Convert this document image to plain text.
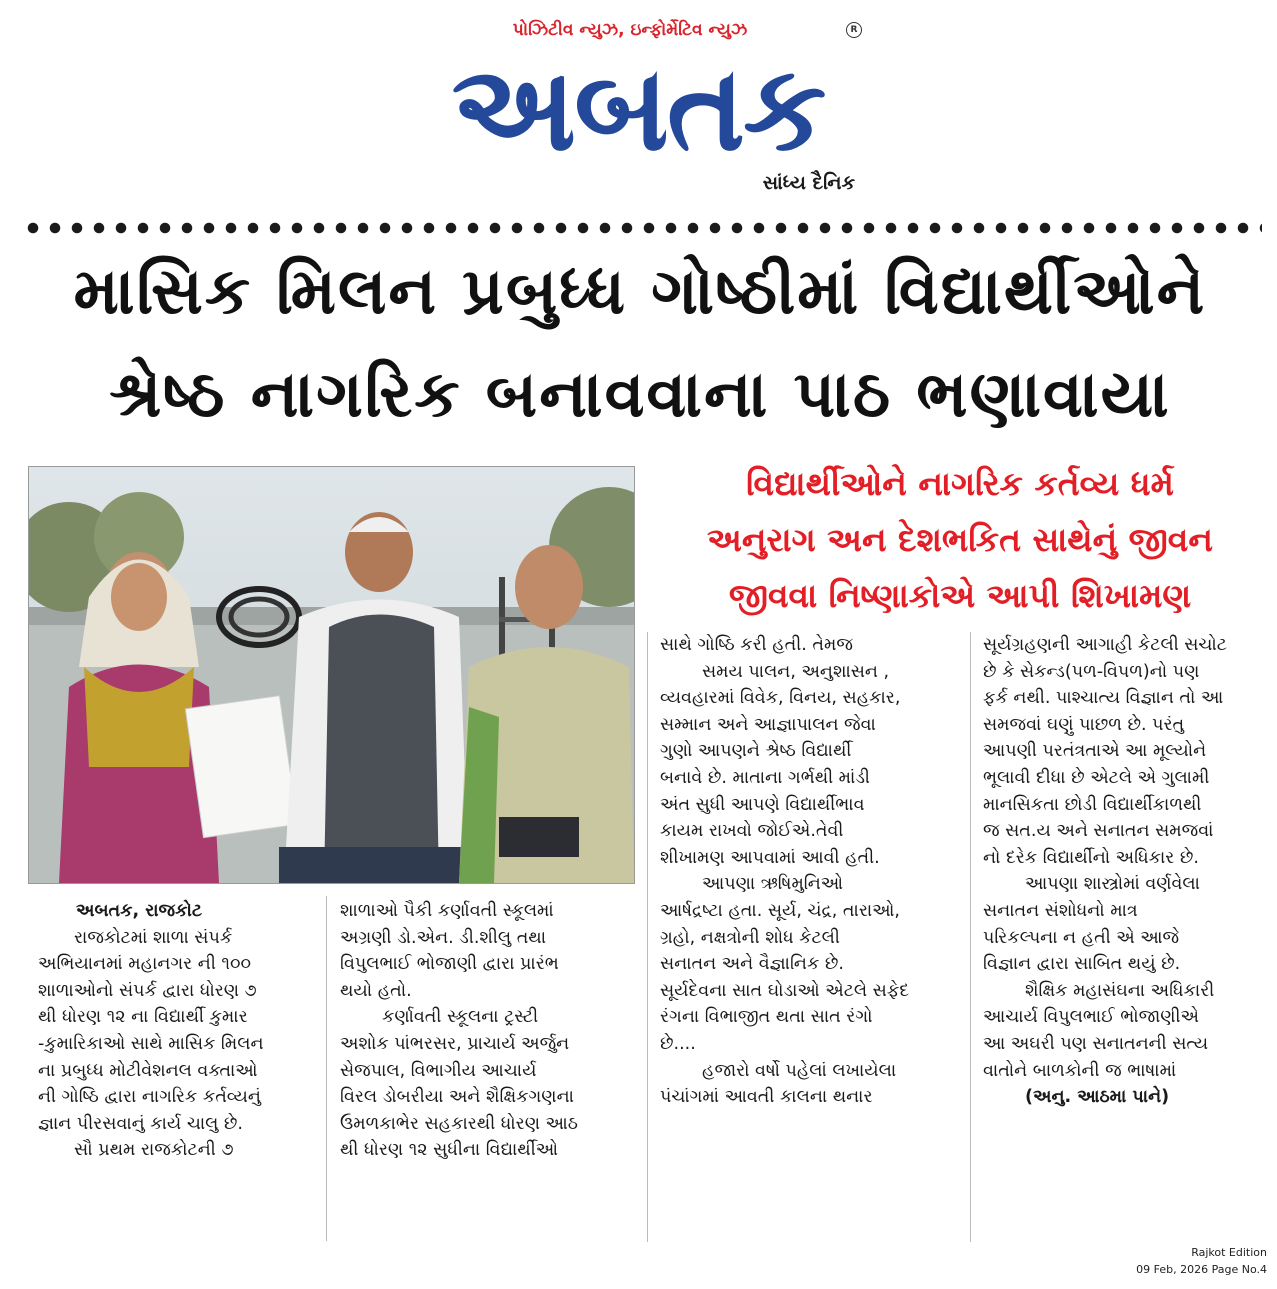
પોઝિટીવ ન્યુઝ, ઇન્ફોર્મેટિવ ન્યુઝ
અબતક
R
સાંધ્ય દૈનિક
માસિક મિલન પ્રબુધ્ધ ગોષ્ઠીમાં વિદ્યાર્થીઓને
શ્રેષ્ઠ નાગરિક બનાવવાના પાઠ ભણાવાયા
વિદ્યાર્થીઓને નાગરિક કર્તવ્ય ધર્મ
અનુરાગ અન દેશભકિત સાથેનું જીવન
જીવવા નિષ્ણાકોએ આપી શિખામણ

અબતક, રાજકોટ

રાજકોટમાં શાળા સંપર્ક

અભિયાનમાં મહાનગર ની ૧૦૦

શાળાઓનો સંપર્ક દ્વારા ધોરણ ૭

થી ધોરણ ૧૨ ના વિદ્યાર્થી કુમાર

-કુમારિકાઓ સાથે માસિક મિલન

ના પ્રબુધ્ધ મોટીવેશનલ વક્તાઓ

ની ગોષ્ઠિ દ્વારા નાગરિક કર્તવ્યનું

જ્ઞાન પીરસવાનું કાર્ય ચાલુ છે.

સૌ પ્રથમ રાજકોટની ૭

શાળાઓ પૈકી કર્ણાવતી સ્કૂલમાં

અગ્રણી ડો.એન. ડી.શીલુ તથા

વિપુલભાઈ ભોજાણી દ્વારા પ્રારંભ

થયો હતો.

કર્ણાવતી સ્કૂલના ટ્રસ્ટી

અશોક પાંભરસર, પ્રાચાર્ય અર્જુન

સેજપાલ, વિભાગીય આચાર્ય

વિરલ ડોબરીયા અને શૈક્ષિકગણના

ઉમળકાભેર સહકારથી ધોરણ આઠ

થી ધોરણ ૧૨ સુધીના વિદ્યાર્થીઓ

સાથે ગોષ્ઠિ કરી હતી. તેમજ

સમય પાલન, અનુશાસન ,

વ્યવહારમાં વિવેક, વિનય, સહકાર,

સમ્માન અને આજ્ઞાપાલન જેવા

ગુણો આપણને શ્રેષ્ઠ વિદ્યાર્થી

બનાવે છે. માતાના ગર્ભથી માંડી

અંત સુધી આપણે વિદ્યાર્થીભાવ

કાયમ રાખવો જોઈએ.તેવી

શીખામણ આપવામાં આવી હતી.

આપણા ઋષિમુનિઓ

આર્ષદ્રષ્ટા હતા. સૂર્ય, ચંદ્ર, તારાઓ,

ગ્રહો, નક્ષત્રોની શોધ કેટલી

સનાતન અને વૈજ્ઞાનિક છે.

સૂર્યદેવના સાત ઘોડાઓ એટલે સફેદ

રંગના વિભાજીત થતા સાત રંગો

છે....

હજારો વર્ષો પહેલાં લખાયેલા

પંચાંગમાં આવતી કાલના થનાર

સૂર્યગ્રહણની આગાહી કેટલી સચોટ

છે કે સેકન્ડ(પળ-વિપળ)નો પણ

ફર્ક નથી. પાશ્ચાત્ય વિજ્ઞાન તો આ

સમજવાં ઘણું પાછળ છે. પરંતુ

આપણી પરતંત્રતાએ આ મૂલ્યોને

ભૂલાવી દીધા છે એટલે એ ગુલામી

માનસિકતા છોડી વિદ્યાર્થીકાળથી

જ સત.ય અને સનાતન સમજવાં

નો દરેક વિદ્યાર્થીનો અધિકાર છે.

આપણા શાસ્ત્રોમાં વર્ણવેલા

સનાતન સંશોધનો માત્ર

પરિકલ્પના ન હતી એ આજે

વિજ્ઞાન દ્વારા સાબિત થયું છે.

શૈક્ષિક મહાસંઘના અધિકારી

આચાર્ય વિપુલભાઈ ભોજાણીએ

આ અઘરી પણ સનાતનની સત્ય

વાતોને બાળકોની જ ભાષામાં

(અનુ. આઠમા પાને)

Rajkot Edition
09 Feb, 2026 Page No.4
